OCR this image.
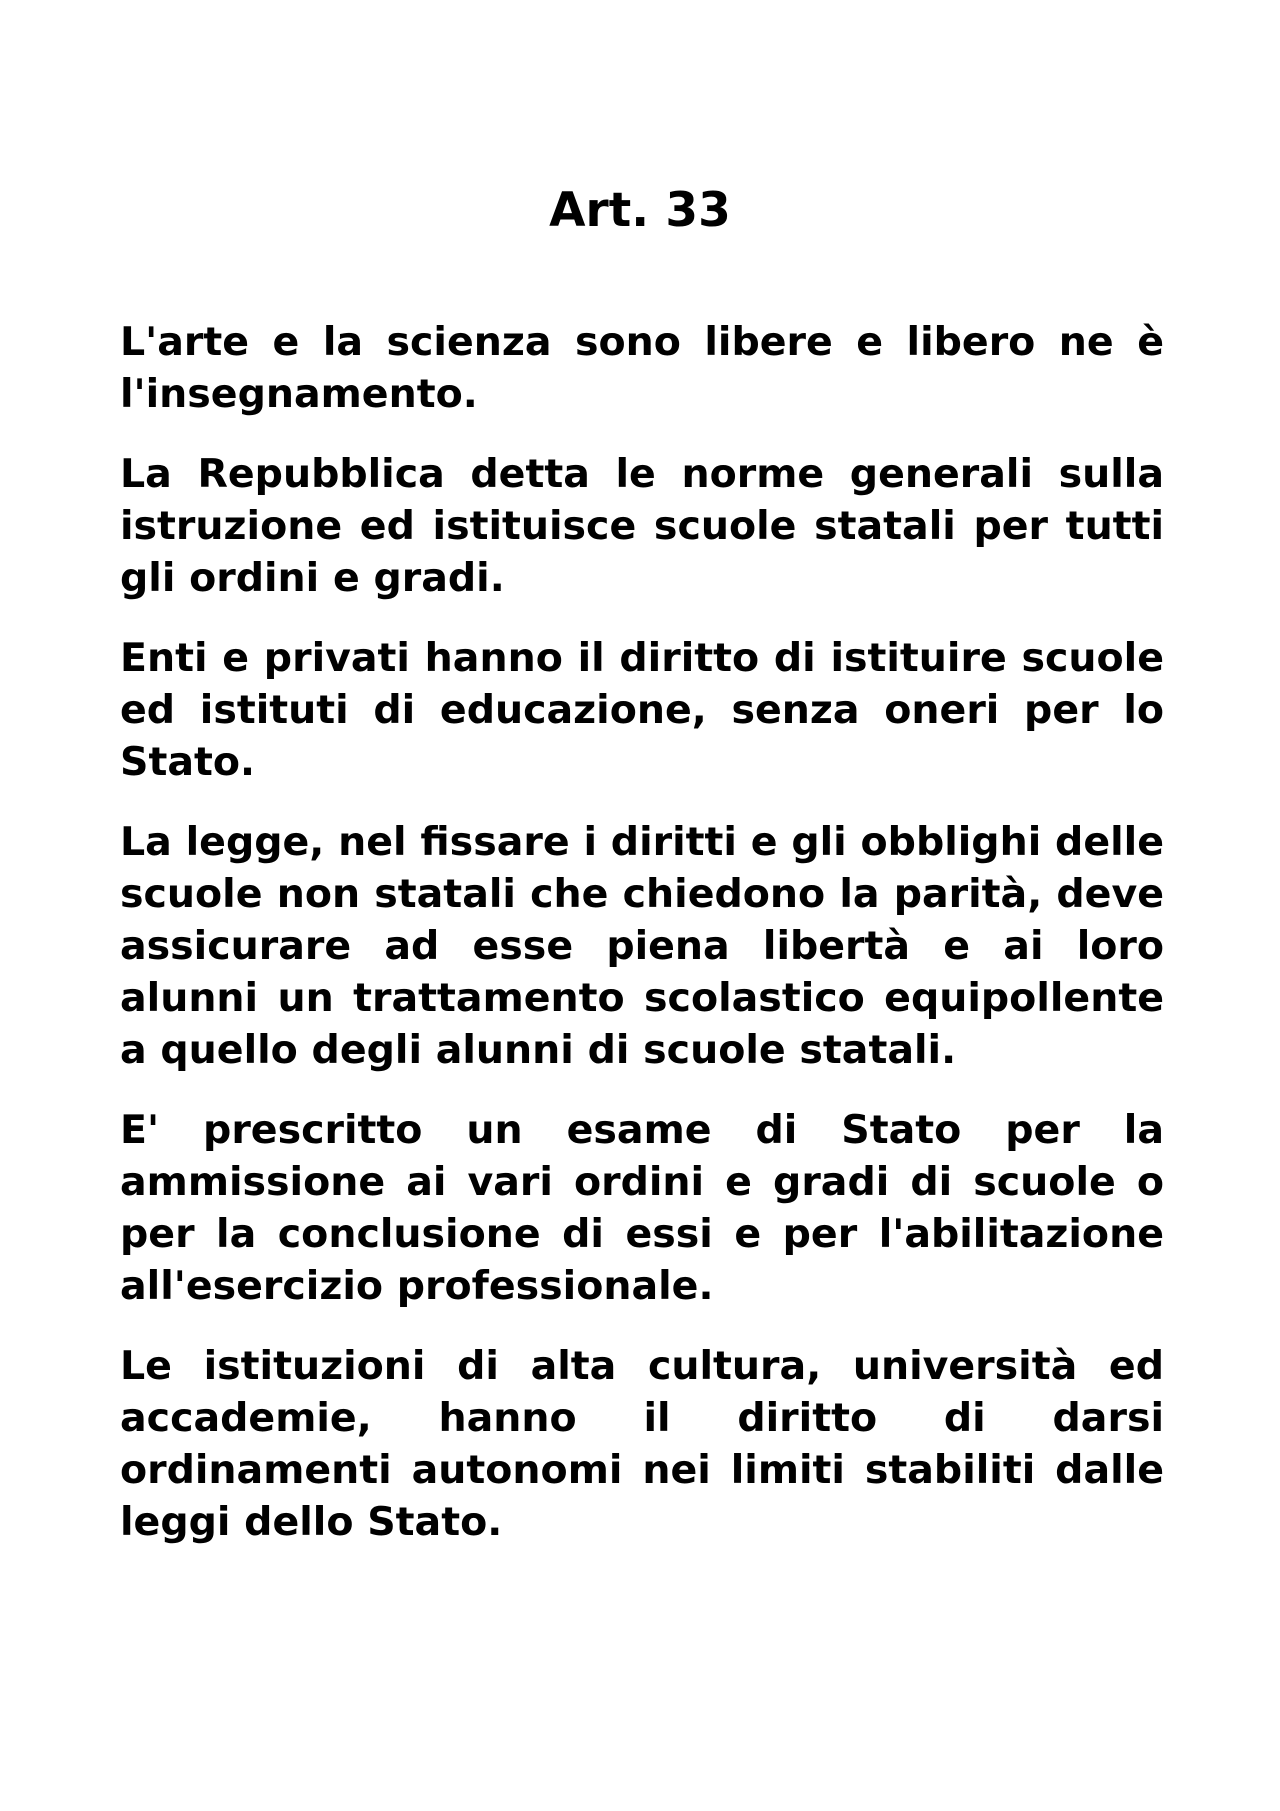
Art. 33

L'arte e la scienza sono libere e libero ne è l'insegnamento.

La Repubblica detta le norme generali sulla istruzione ed istituisce scuole statali per tutti gli ordini e gradi.

Enti e privati hanno il diritto di istituire scuole ed istituti di educazione, senza oneri per lo Stato.

La legge, nel fissare i diritti e gli obblighi delle scuole non statali che chiedono la parità, deve assicurare ad esse piena libertà e ai loro alunni un trattamento scolastico equipollente a quello degli alunni di scuole statali.

E' prescritto un esame di Stato per la ammissione ai vari ordini e gradi di scuole o per la conclusione di essi e per l'abilitazione all'esercizio professionale.

Le istituzioni di alta cultura, università ed accademie, hanno il diritto di darsi ordinamenti autonomi nei limiti stabiliti dalle leggi dello Stato.
